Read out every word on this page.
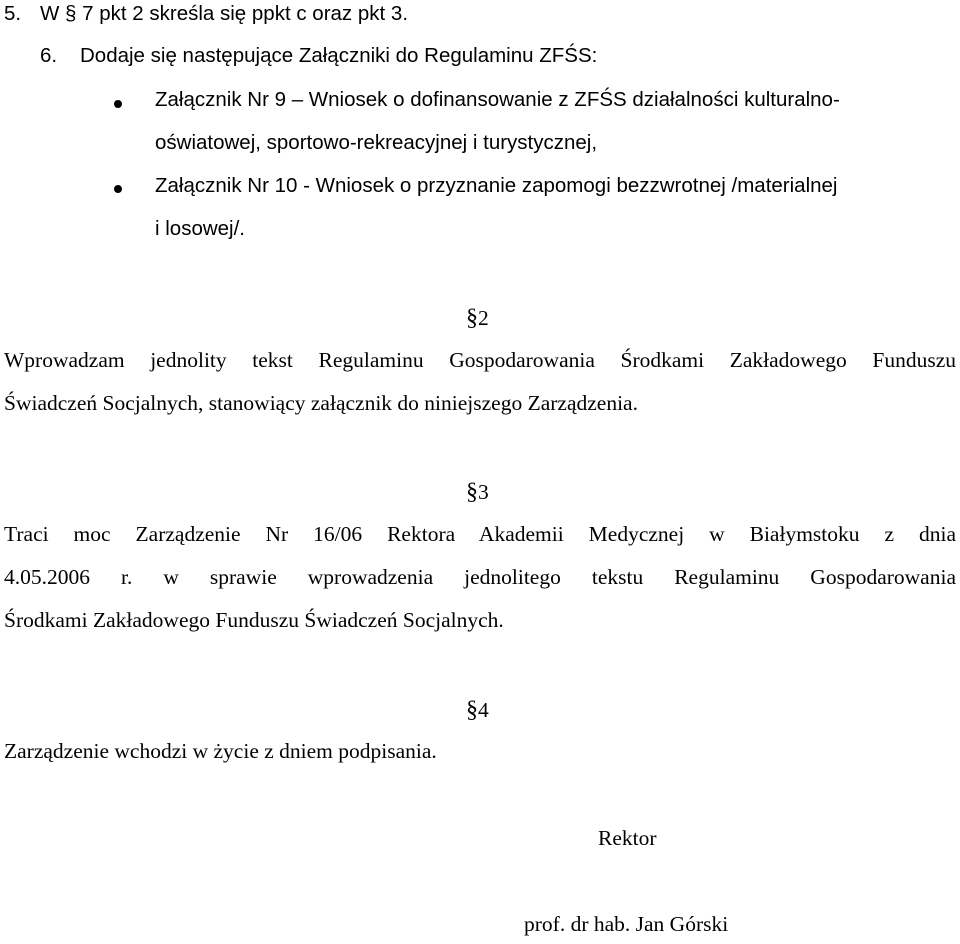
5. W § 7 pkt 2 skreśla się ppkt c oraz pkt 3.
6. Dodaje się następujące Załączniki do Regulaminu ZFŚS:
Załącznik Nr 9 – Wniosek o dofinansowanie z ZFŚS działalności kulturalno-
oświatowej, sportowo-rekreacyjnej i turystycznej,
Załącznik Nr 10 - Wniosek o przyznanie zapomogi bezzwrotnej /materialnej
i losowej/.
§2
Wprowadzam jednolity tekst Regulaminu Gospodarowania Środkami Zakładowego Funduszu
Świadczeń Socjalnych, stanowiący załącznik do niniejszego Zarządzenia.
§3
Traci moc Zarządzenie Nr 16/06 Rektora Akademii Medycznej w Białymstoku z dnia
4.05.2006 r. w sprawie wprowadzenia jednolitego tekstu Regulaminu Gospodarowania
Środkami Zakładowego Funduszu Świadczeń Socjalnych.
§4
Zarządzenie wchodzi w życie z dniem podpisania.
Rektor
prof. dr hab. Jan Górski
